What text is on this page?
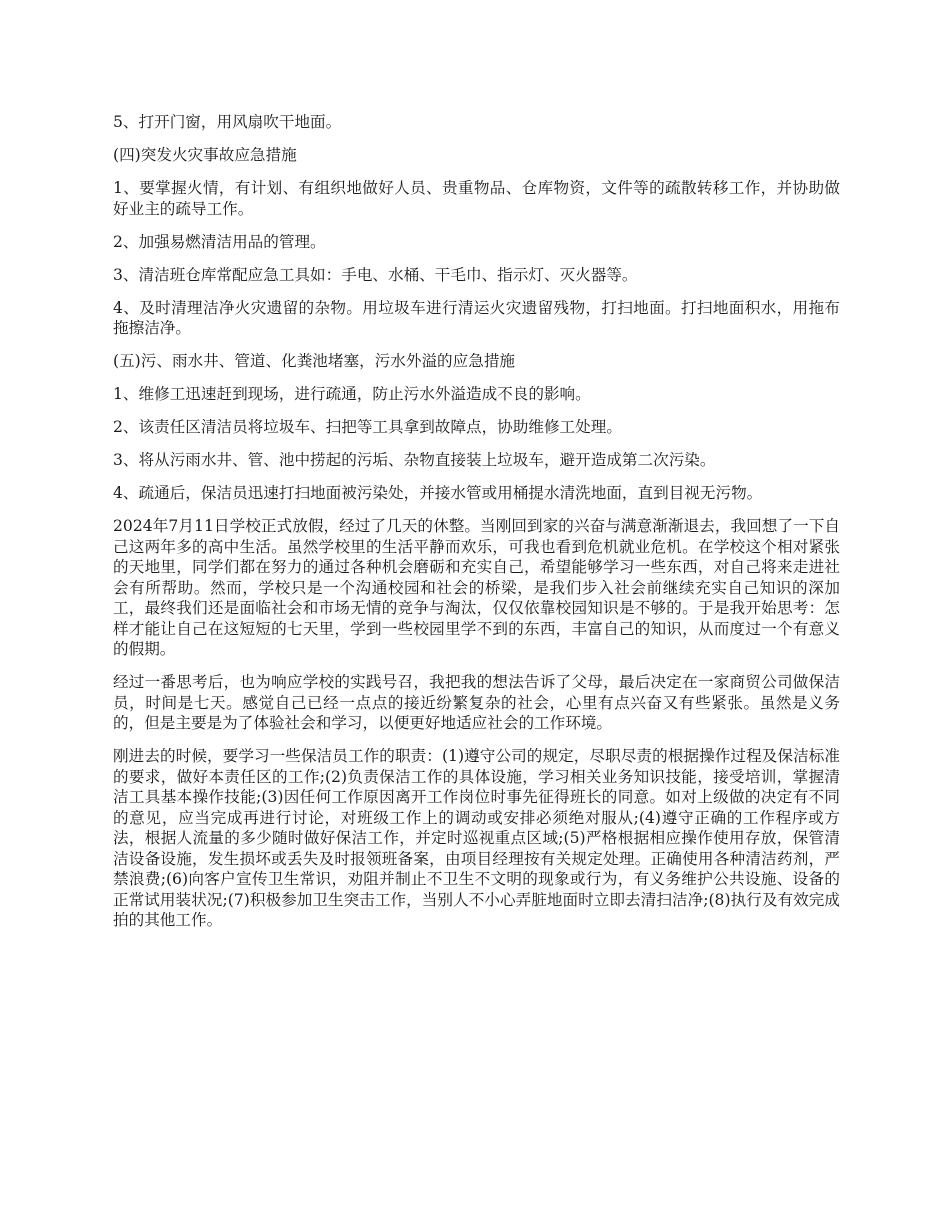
5、打开门窗，用风扇吹干地面。

(四)突发火灾事故应急措施

1、要掌握火情，有计划、有组织地做好人员、贵重物品、仓库物资，文件等的疏散转移工作，并协助做好业主的疏导工作。

2、加强易燃清洁用品的管理。

3、清洁班仓库常配应急工具如：手电、水桶、干毛巾、指示灯、灭火器等。

4、及时清理洁净火灾遗留的杂物。用垃圾车进行清运火灾遗留残物，打扫地面。打扫地面积水，用拖布拖擦洁净。

(五)污、雨水井、管道、化粪池堵塞，污水外溢的应急措施

1、维修工迅速赶到现场，进行疏通，防止污水外溢造成不良的影响。

2、该责任区清洁员将垃圾车、扫把等工具拿到故障点，协助维修工处理。

3、将从污雨水井、管、池中捞起的污垢、杂物直接装上垃圾车，避开造成第二次污染。

4、疏通后，保洁员迅速打扫地面被污染处，并接水管或用桶提水清洗地面，直到目视无污物。

2024年7月11日学校正式放假，经过了几天的休整。当刚回到家的兴奋与满意渐渐退去，我回想了一下自己这两年多的高中生活。虽然学校里的生活平静而欢乐，可我也看到危机就业危机。在学校这个相对紧张的天地里，同学们都在努力的通过各种机会磨砺和充实自己，希望能够学习一些东西，对自己将来走进社会有所帮助。然而，学校只是一个沟通校园和社会的桥梁，是我们步入社会前继续充实自己知识的深加工，最终我们还是面临社会和市场无情的竞争与淘汰，仅仅依靠校园知识是不够的。于是我开始思考：怎样才能让自己在这短短的七天里，学到一些校园里学不到的东西，丰富自己的知识，从而度过一个有意义的假期。

经过一番思考后，也为响应学校的实践号召，我把我的想法告诉了父母，最后决定在一家商贸公司做保洁员，时间是七天。感觉自己已经一点点的接近纷繁复杂的社会，心里有点兴奋又有些紧张。虽然是义务的，但是主要是为了体验社会和学习，以便更好地适应社会的工作环境。

刚进去的时候，要学习一些保洁员工作的职责：(1)遵守公司的规定，尽职尽责的根据操作过程及保洁标准的要求，做好本责任区的工作;(2)负责保洁工作的具体设施，学习相关业务知识技能，接受培训，掌握清洁工具基本操作技能;(3)因任何工作原因离开工作岗位时事先征得班长的同意。如对上级做的决定有不同的意见，应当完成再进行讨论，对班级工作上的调动或安排必须绝对服从;(4)遵守正确的工作程序或方法，根据人流量的多少随时做好保洁工作，并定时巡视重点区域;(5)严格根据相应操作使用存放，保管清洁设备设施，发生损坏或丢失及时报领班备案，由项目经理按有关规定处理。正确使用各种清洁药剂，严禁浪费;(6)向客户宣传卫生常识，劝阻并制止不卫生不文明的现象或行为，有义务维护公共设施、设备的正常试用装状况;(7)积极参加卫生突击工作，当别人不小心弄脏地面时立即去清扫洁净;(8)执行及有效完成拍的其他工作。
